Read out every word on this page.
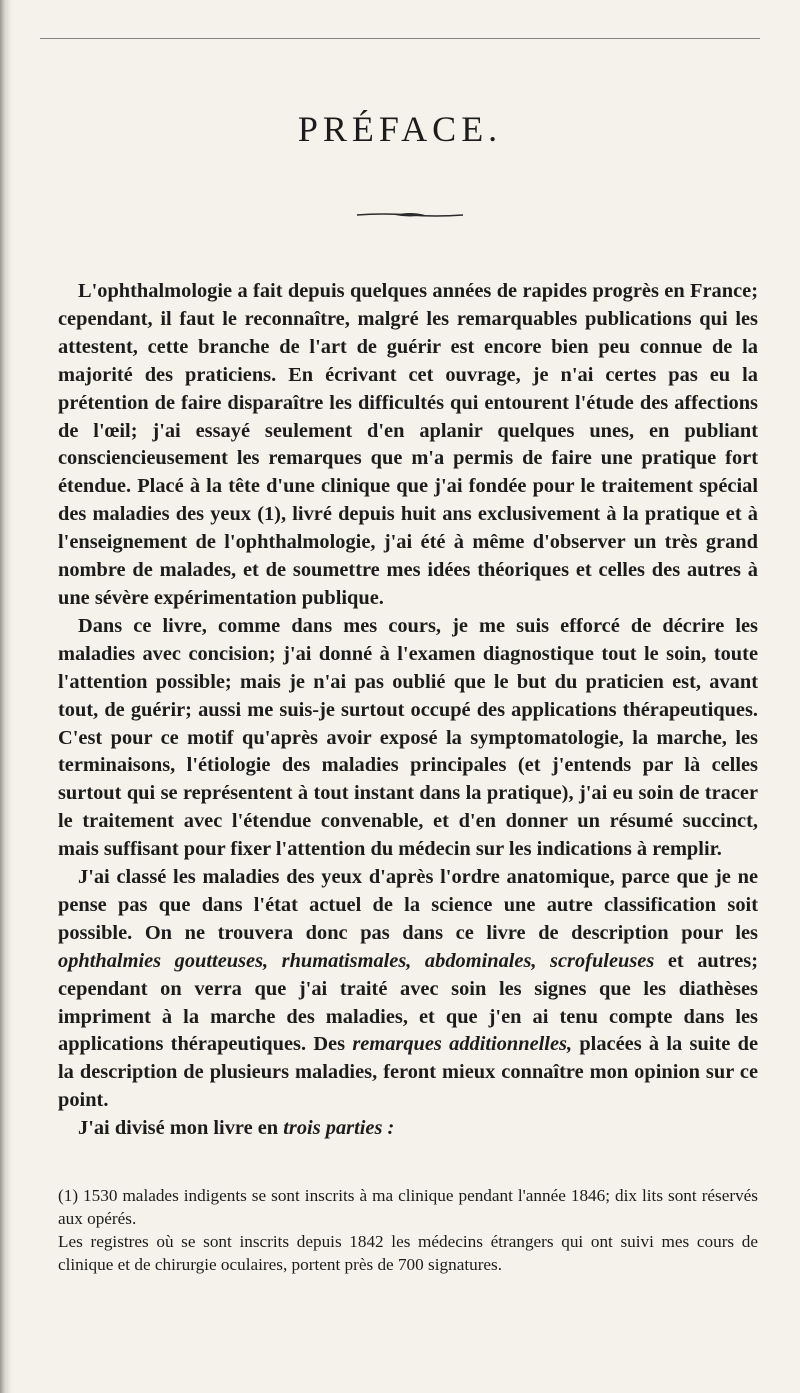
PRÉFACE.

L'ophthalmologie a fait depuis quelques années de rapides progrès en France; cependant, il faut le reconnaître, malgré les remarquables publications qui les attestent, cette branche de l'art de guérir est encore bien peu connue de la majorité des praticiens. En écrivant cet ouvrage, je n'ai certes pas eu la prétention de faire disparaître les difficultés qui entourent l'étude des affections de l'œil; j'ai essayé seulement d'en aplanir quelques unes, en publiant consciencieusement les remarques que m'a permis de faire une pratique fort étendue. Placé à la tête d'une clinique que j'ai fondée pour le traitement spécial des maladies des yeux (1), livré depuis huit ans exclusivement à la pratique et à l'enseignement de l'ophthalmologie, j'ai été à même d'observer un très grand nombre de malades, et de soumettre mes idées théoriques et celles des autres à une sévère expérimentation publique.

Dans ce livre, comme dans mes cours, je me suis efforcé de décrire les maladies avec concision; j'ai donné à l'examen diagnostique tout le soin, toute l'attention possible; mais je n'ai pas oublié que le but du praticien est, avant tout, de guérir; aussi me suis-je surtout occupé des applications thérapeutiques. C'est pour ce motif qu'après avoir exposé la symptomatologie, la marche, les terminaisons, l'étiologie des maladies principales (et j'entends par là celles surtout qui se représentent à tout instant dans la pratique), j'ai eu soin de tracer le traitement avec l'étendue convenable, et d'en donner un résumé succinct, mais suffisant pour fixer l'attention du médecin sur les indications à remplir.

J'ai classé les maladies des yeux d'après l'ordre anatomique, parce que je ne pense pas que dans l'état actuel de la science une autre classification soit possible. On ne trouvera donc pas dans ce livre de description pour les ophthalmies goutteuses, rhumatismales, abdominales, scrofuleuses et autres; cependant on verra que j'ai traité avec soin les signes que les diathèses impriment à la marche des maladies, et que j'en ai tenu compte dans les applications thérapeutiques. Des remarques additionnelles, placées à la suite de la description de plusieurs maladies, feront mieux connaître mon opinion sur ce point.

J'ai divisé mon livre en trois parties :

(1) 1530 malades indigents se sont inscrits à ma clinique pendant l'année 1846; dix lits sont réservés aux opérés.

Les registres où se sont inscrits depuis 1842 les médecins étrangers qui ont suivi mes cours de clinique et de chirurgie oculaires, portent près de 700 signatures.
